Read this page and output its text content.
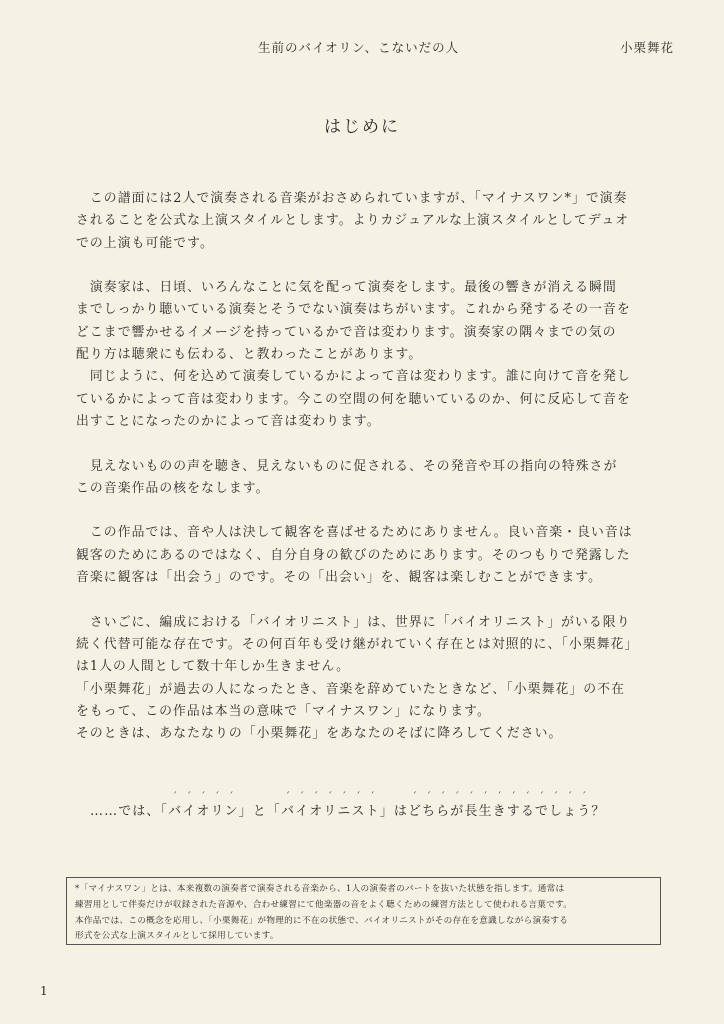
生前のバイオリン、こないだの人	小栗舞花
はじめに

　この譜面には2人で演奏される音楽がおさめられていますが、「マイナスワン*」で演奏

されることを公式な上演スタイルとします。よりカジュアルな上演スタイルとしてデュオ

での上演も可能です。

　演奏家は、日頃、いろんなことに気を配って演奏をします。最後の響きが消える瞬間

までしっかり聴いている演奏とそうでない演奏はちがいます。これから発するその一音を

どこまで響かせるイメージを持っているかで音は変わります。演奏家の隅々までの気の

配り方は聴衆にも伝わる、と教わったことがあります。

　同じように、何を込めて演奏しているかによって音は変わります。誰に向けて音を発し

ているかによって音は変わります。今この空間の何を聴いているのか、何に反応して音を

出すことになったのかによって音は変わります。

　見えないものの声を聴き、見えないものに促される、その発音や耳の指向の特殊さが

この音楽作品の核をなします。

　この作品では、音や人は決して観客を喜ばせるためにありません。良い音楽・良い音は

観客のためにあるのではなく、自分自身の歓びのためにあります。そのつもりで発露した

音楽に観客は「出会う」のです。その「出会い」を、観客は楽しむことができます。

　さいごに、編成における「バイオリニスト」は、世界に「バイオリニスト」がいる限り

続く代替可能な存在です。その何百年も受け継がれていく存在とは対照的に、「小栗舞花」

は1人の人間として数十年しか生きません。

「小栗舞花」が過去の人になったとき、音楽を辞めていたときなど、「小栗舞花」の不在

をもって、この作品は本当の意味で「マイナスワン」になります。

そのときは、あなたなりの「小栗舞花」をあなたのそばに降ろしてください。

……では、「ˊ バˊ イˊ オˊ リˊ ン」と「ˊ バˊ イˊ オˊ リˊ ニˊ スˊ ト」はˊ どˊ ちˊ らˊ がˊ 長ˊ 生ˊ きˊ すˊ るˊ でˊ しˊ ょˊ う？

*「マイナスワン」とは、本来複数の演奏者で演奏される音楽から、1人の演奏者のパートを抜いた状態を指します。通常は

練習用として伴奏だけが収録された音源や、合わせ練習にて他楽器の音をよく聴くための練習方法として使われる言葉です。

本作品では、この概念を応用し、「小栗舞花」が物理的に不在の状態で、バイオリニストがその存在を意識しながら演奏する

形式を公式な上演スタイルとして採用しています。

1
